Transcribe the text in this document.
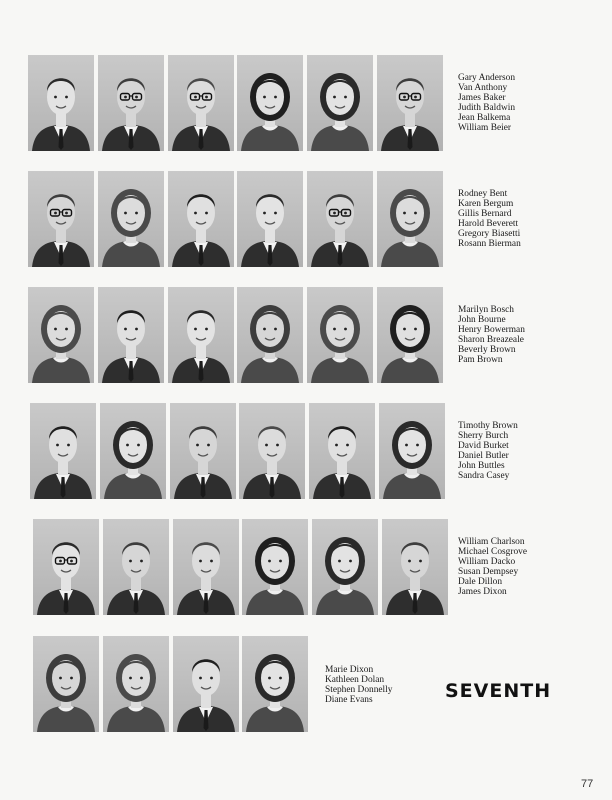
Gary Anderson
Van Anthony
James Baker
Judith Baldwin
Jean Balkema
William Beier
Rodney Bent
Karen Bergum
Gillis Bernard
Harold Beverett
Gregory Biasetti
Rosann Bierman
Marilyn Bosch
John Bourne
Henry Bowerman
Sharon Breazeale
Beverly Brown
Pam Brown
Timothy Brown
Sherry Burch
David Burket
Daniel Butler
John Buttles
Sandra Casey
William Charlson
Michael Cosgrove
William Dacko
Susan Dempsey
Dale Dillon
James Dixon
Marie Dixon
Kathleen Dolan
Stephen Donnelly
Diane Evans	SEVENTH
77
